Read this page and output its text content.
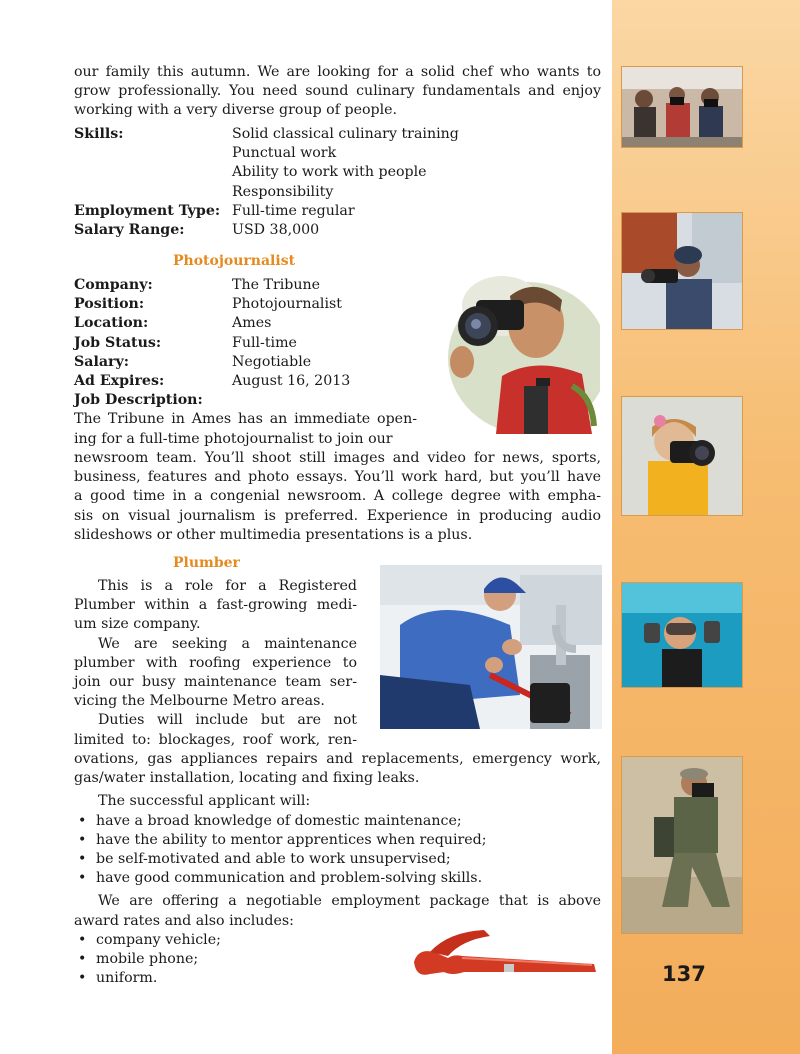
137
our family this autumn. We are looking for a solid chef who wants to
grow professionally. You need sound culinary fundamentals and enjoy
working with a very diverse group of people.
Skills:	Solid classical culinary training
Punctual work
Ability to work with people
Responsibility
Employment Type: Full-time regular
Salary Range:	USD 38,000
Photojournalist
Company:	The Tribune
Position:	Photojournalist
Location:	Ames
Job Status:	Full-time
Salary:	Negotiable
Ad Expires:	August 16, 2013
Job Description:
The Tribune in Ames has an immediate open-
ing for a full-time photojournalist to join our
newsroom team. You’ll shoot still images and video for news, sports,
business, features and photo essays. You’ll work hard, but you’ll have
a good time in a congenial newsroom. A college degree with empha-
sis on visual journalism is preferred. Experience in producing audio
slideshows or other multimedia presentations is a plus.
Plumber
This is a role for a Registered
Plumber within a fast-growing medi-
um size company.
We are seeking a maintenance
plumber with roofing experience to
join our busy maintenance team ser-
vicing the Melbourne Metro areas.
Duties will include but are not
limited to: blockages, roof work, ren-
ovations, gas appliances repairs and replacements, emergency work,
gas/water installation, locating and fixing leaks.
The successful applicant will:
• have a broad knowledge of domestic maintenance;
• have the ability to mentor apprentices when required;
• be self-motivated and able to work unsupervised;
• have good communication and problem-solving skills.
We are offering a negotiable employment package that is above
award rates and also includes:
• company vehicle;
• mobile phone;
• uniform.
